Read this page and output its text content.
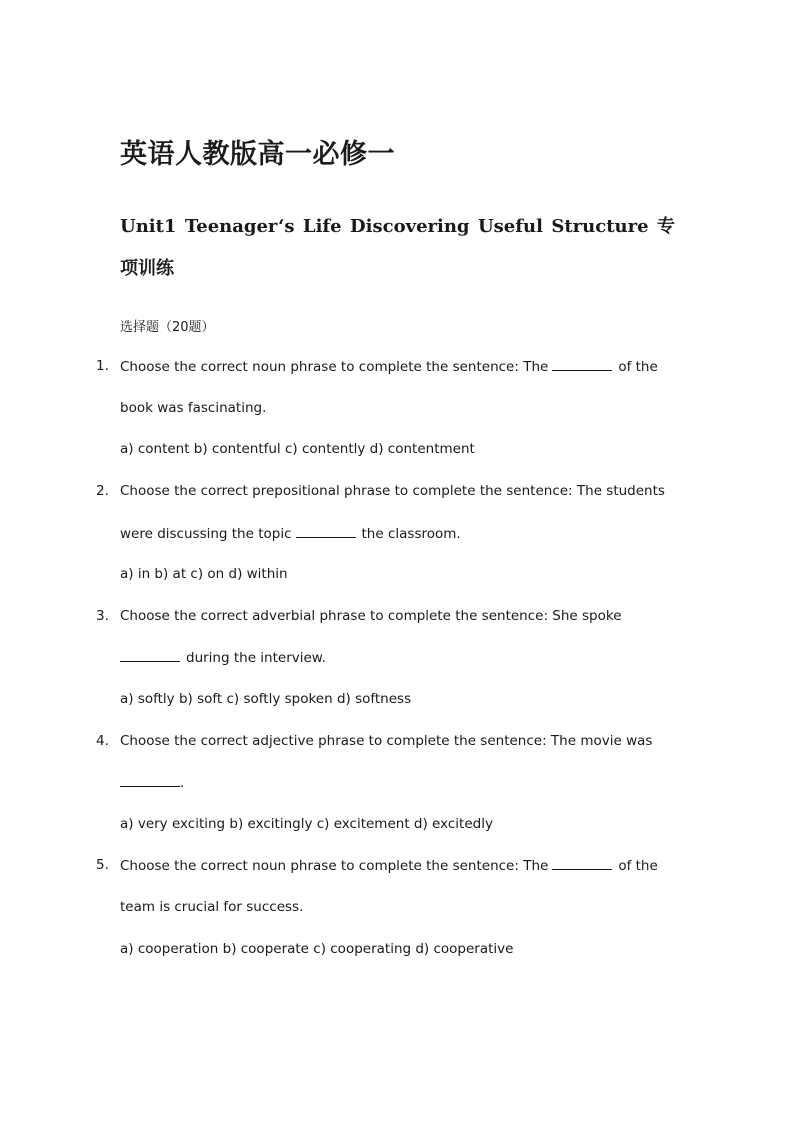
英语人教版高一必修一
Unit1 Teenager‘s Life Discovering Useful Structure 专项训练
选择题（20题）
1. Choose the correct noun phrase to complete the sentence: The	of the
book was fascinating.
a) content b) contentful c) contently d) contentment
2. Choose the correct prepositional phrase to complete the sentence: The students
were discussing the topic	the classroom.
a) in b) at c) on d) within
3. Choose the correct adverbial phrase to complete the sentence: She spoke
during the interview.
a) softly b) soft c) softly spoken d) softness
4. Choose the correct adjective phrase to complete the sentence: The movie was
.
a) very exciting b) excitingly c) excitement d) excitedly
5. Choose the correct noun phrase to complete the sentence: The	of the
team is crucial for success.
a) cooperation b) cooperate c) cooperating d) cooperative
